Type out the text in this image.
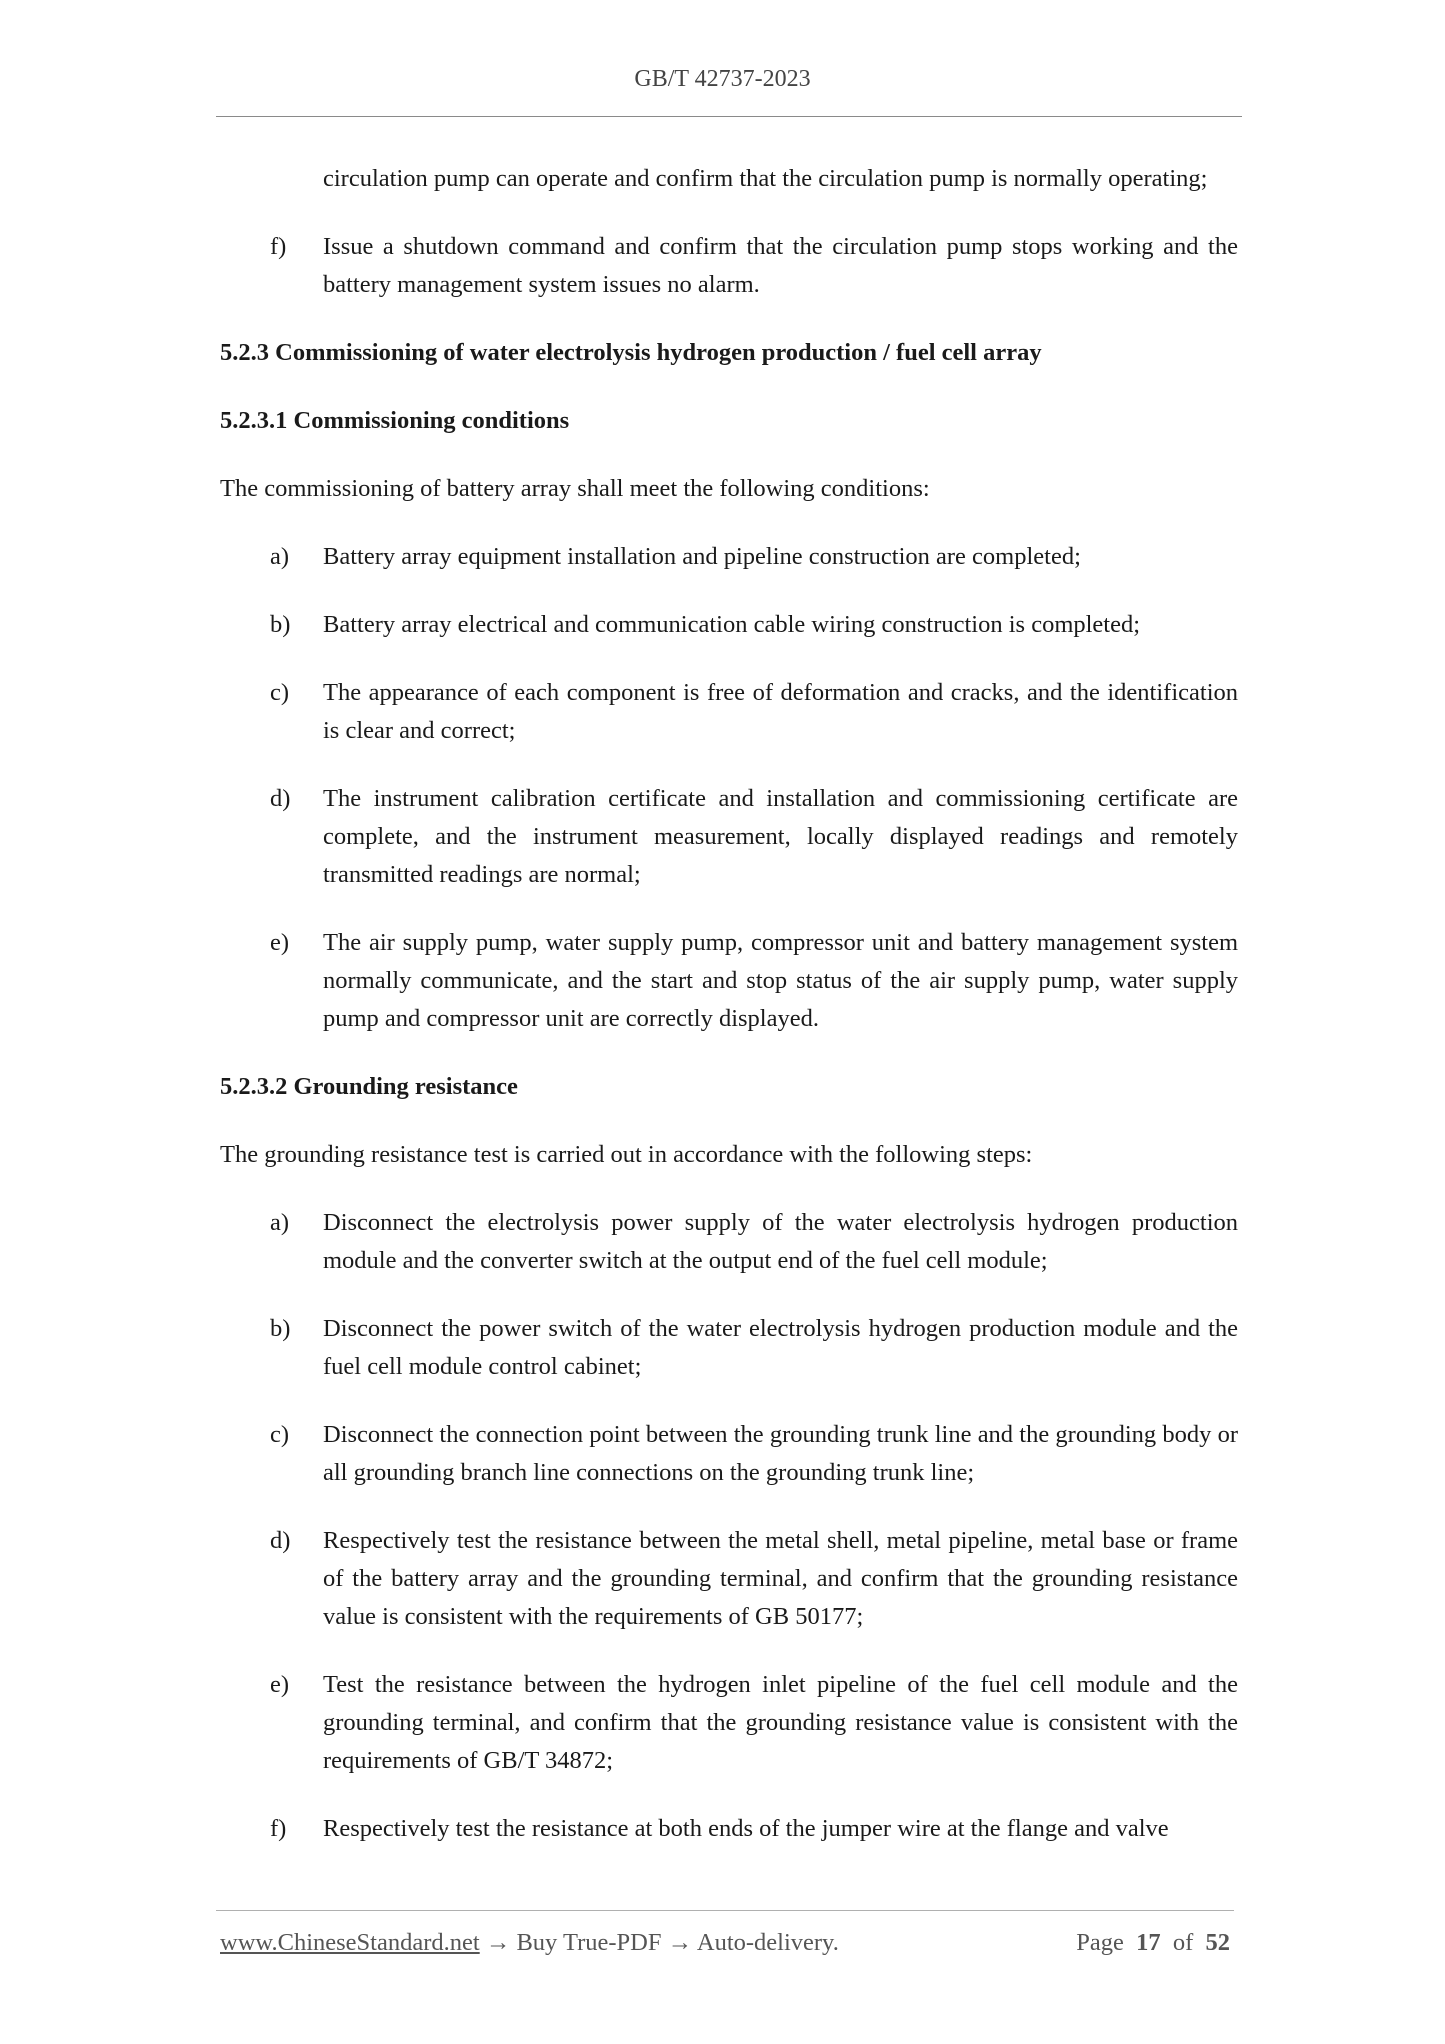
GB/T 42737-2023

circulation pump can operate and confirm that the circulation pump is normally operating;

f) Issue a shutdown command and confirm that the circulation pump stops working and the battery management system issues no alarm.

5.2.3 Commissioning of water electrolysis hydrogen production / fuel cell array

5.2.3.1 Commissioning conditions

The commissioning of battery array shall meet the following conditions:

a) Battery array equipment installation and pipeline construction are completed;

b) Battery array electrical and communication cable wiring construction is completed;

c) The appearance of each component is free of deformation and cracks, and the identification is clear and correct;

d) The instrument calibration certificate and installation and commissioning certificate are complete, and the instrument measurement, locally displayed readings and remotely transmitted readings are normal;

e) The air supply pump, water supply pump, compressor unit and battery management system normally communicate, and the start and stop status of the air supply pump, water supply pump and compressor unit are correctly displayed.

5.2.3.2 Grounding resistance

The grounding resistance test is carried out in accordance with the following steps:

a) Disconnect the electrolysis power supply of the water electrolysis hydrogen production module and the converter switch at the output end of the fuel cell module;

b) Disconnect the power switch of the water electrolysis hydrogen production module and the fuel cell module control cabinet;

c) Disconnect the connection point between the grounding trunk line and the grounding body or all grounding branch line connections on the grounding trunk line;

d) Respectively test the resistance between the metal shell, metal pipeline, metal base or frame of the battery array and the grounding terminal, and confirm that the grounding resistance value is consistent with the requirements of GB 50177;

e) Test the resistance between the hydrogen inlet pipeline of the fuel cell module and the grounding terminal, and confirm that the grounding resistance value is consistent with the requirements of GB/T 34872;

f) Respectively test the resistance at both ends of the jumper wire at the flange and valve

www.ChineseStandard.net → Buy True-PDF → Auto-delivery.	Page 17 of 52
